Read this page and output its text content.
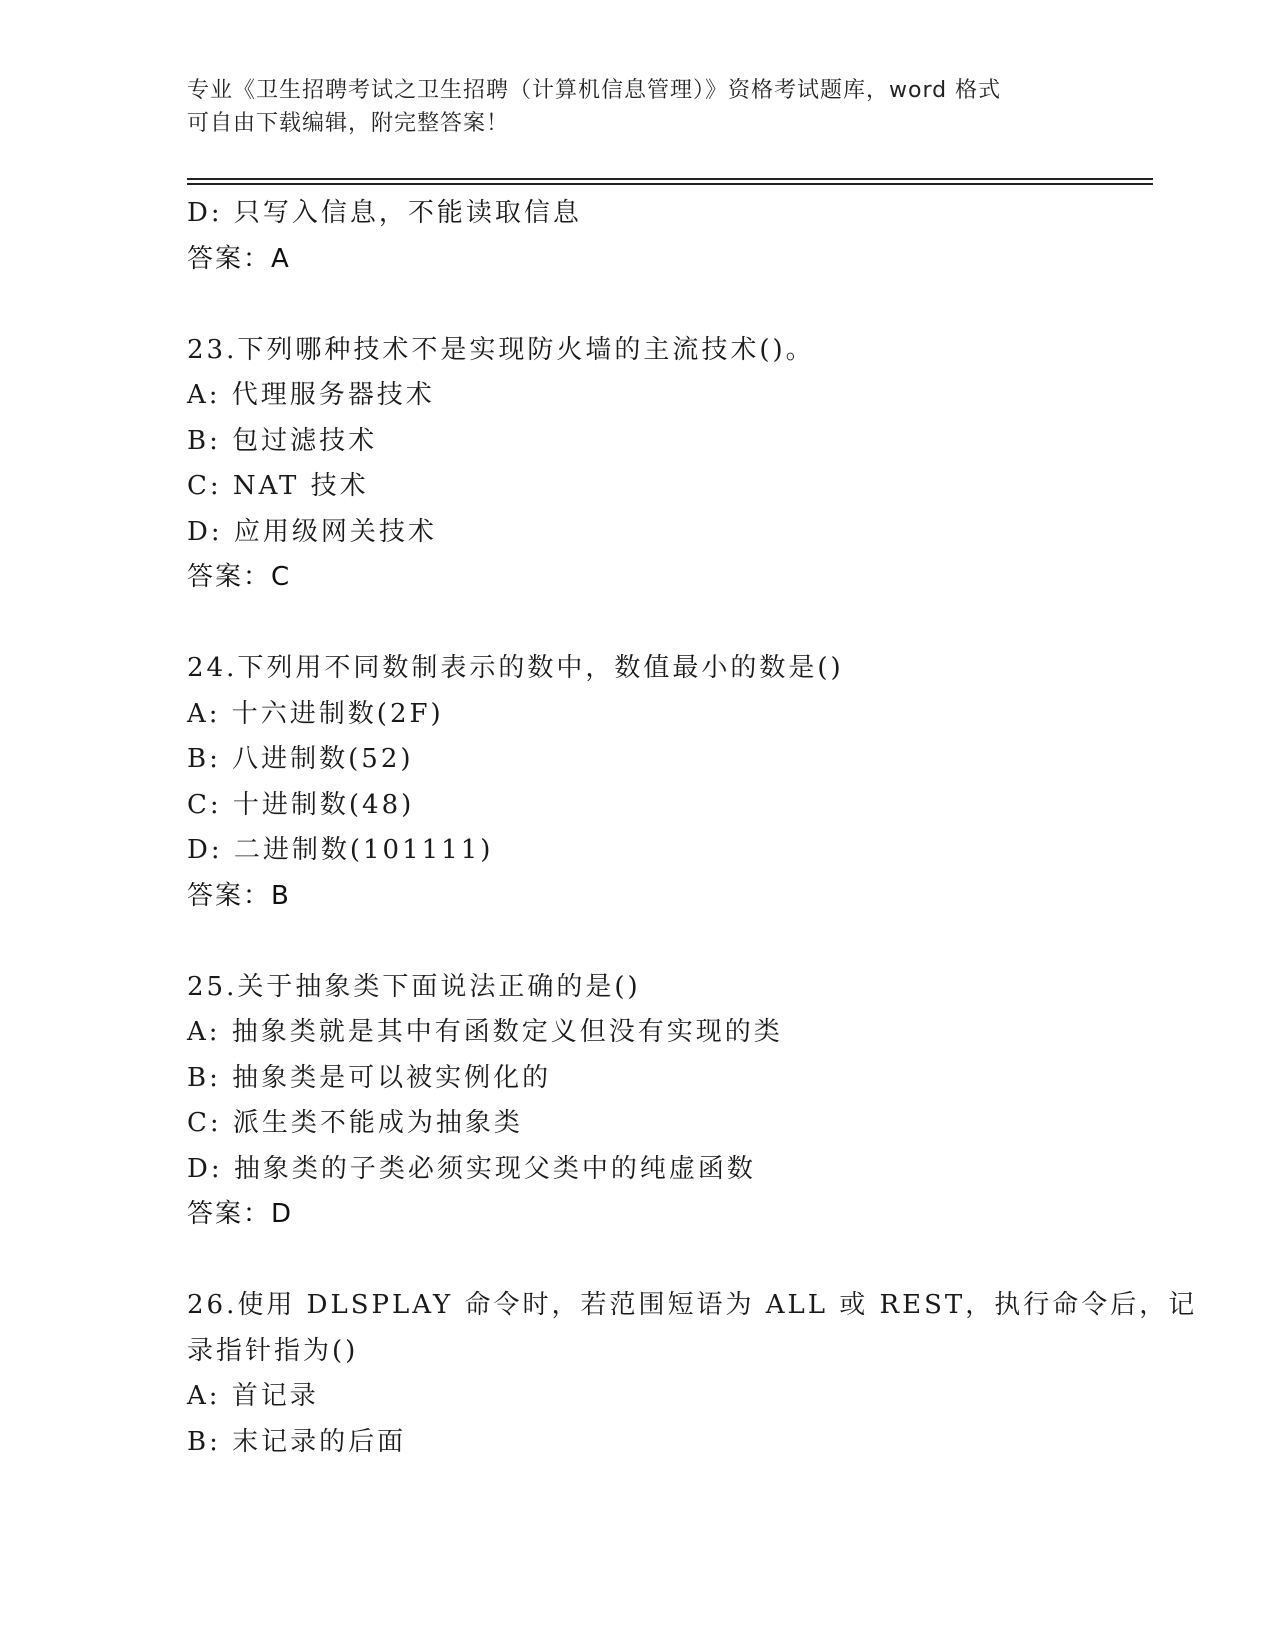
专业《卫生招聘考试之卫生招聘（计算机信息管理）》资格考试题库，word 格式
可自由下载编辑，附完整答案！
D: 只写入信息，不能读取信息
答案：A
23.下列哪种技术不是实现防火墙的主流技术()。
A: 代理服务器技术
B: 包过滤技术
C: NAT 技术
D: 应用级网关技术
答案：C
24.下列用不同数制表示的数中，数值最小的数是()
A: 十六进制数(2F)
B: 八进制数(52)
C: 十进制数(48)
D: 二进制数(101111)
答案：B
25.关于抽象类下面说法正确的是()
A: 抽象类就是其中有函数定义但没有实现的类
B: 抽象类是可以被实例化的
C: 派生类不能成为抽象类
D: 抽象类的子类必须实现父类中的纯虚函数
答案：D
26.使用 DLSPLAY 命令时，若范围短语为 ALL 或 REST，执行命令后，记
录指针指为()
A: 首记录
B: 末记录的后面
